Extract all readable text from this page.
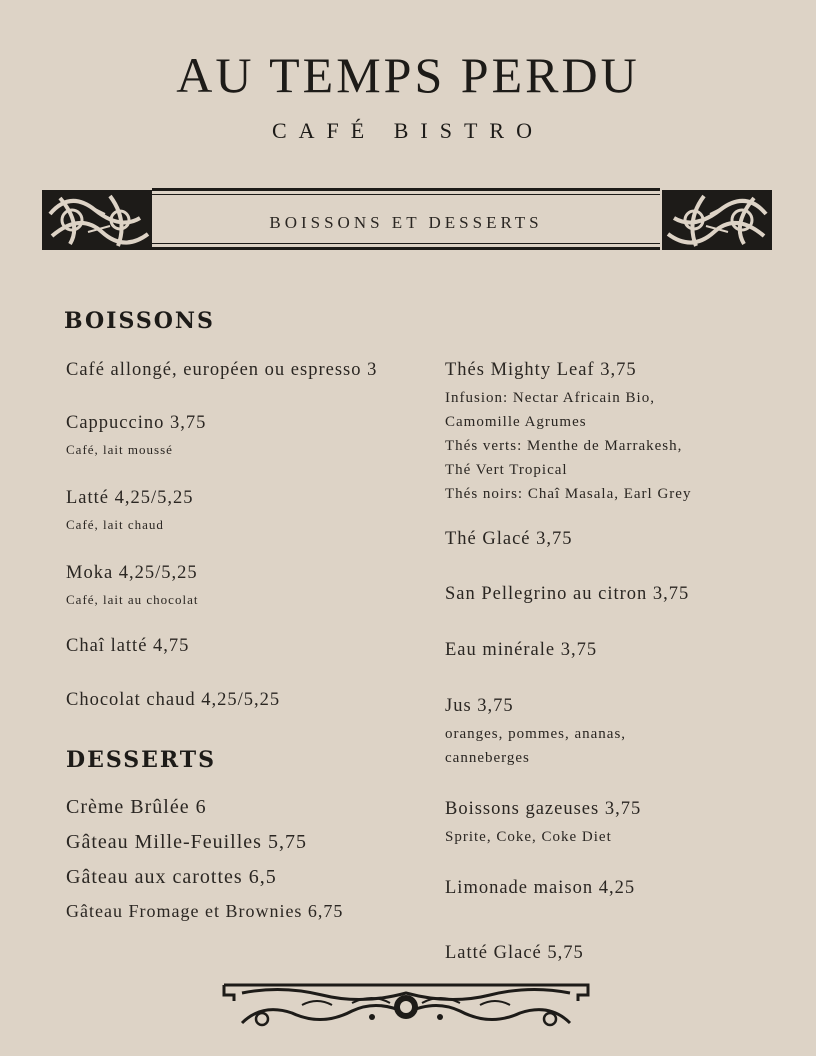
AU TEMPS PERDU
CAFÉ BISTRO
BOISSONS ET DESSERTS
BOISSONS
Café allongé, européen ou espresso 3
Cappuccino 3,75
Café, lait moussé
Latté 4,25/5,25
Café, lait chaud
Moka 4,25/5,25
Café, lait au chocolat
Chaî latté 4,75
Chocolat chaud 4,25/5,25
Thés Mighty Leaf 3,75
Infusion: Nectar Africain Bio,
Camomille Agrumes
Thés verts: Menthe de Marrakesh,
Thé Vert Tropical
Thés noirs: Chaî Masala, Earl Grey
Thé Glacé 3,75
San Pellegrino au citron 3,75
Eau minérale 3,75
Jus 3,75
oranges, pommes, ananas,
canneberges
Boissons gazeuses 3,75
Sprite, Coke, Coke Diet
Limonade maison 4,25
Latté Glacé 5,75
DESSERTS
Crème Brûlée 6
Gâteau Mille-Feuilles 5,75
Gâteau aux carottes 6,5
Gâteau Fromage et Brownies 6,75
